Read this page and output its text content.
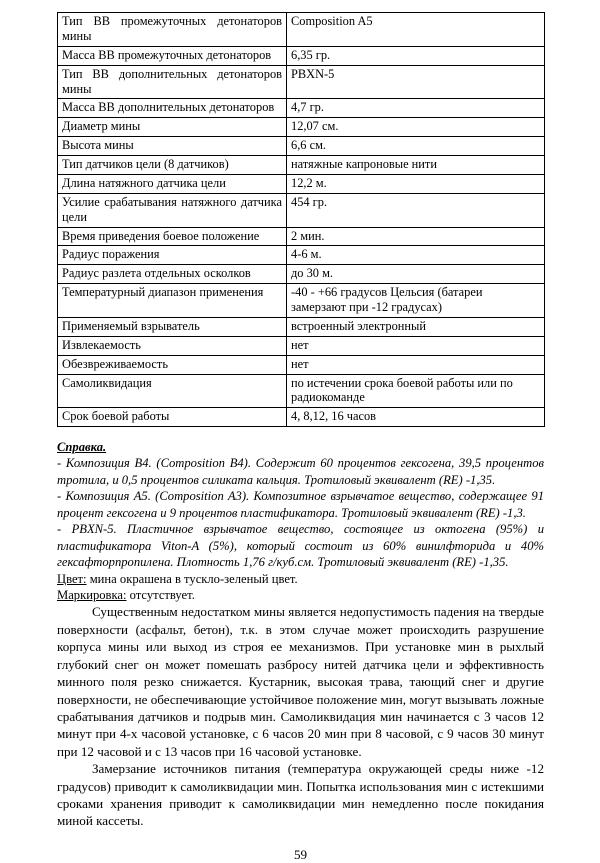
Тип ВВ промежуточных детонаторов мины	Composition A5
Масса ВВ промежуточных детонаторов	6,35 гр.
Тип ВВ дополнительных детонаторов мины	PBXN-5
Масса ВВ дополнительных детонаторов	4,7 гр.
Диаметр мины	12,07 см.
Высота мины	6,6 см.
Тип датчиков цели (8 датчиков)	натяжные капроновые нити
Длина натяжного датчика цели	12,2 м.
Усилие срабатывания натяжного датчика цели	454 гр.
Время приведения боевое положение	2 мин.
Радиус поражения	4-6 м.
Радиус разлета отдельных осколков	до 30 м.
Температурный диапазон применения	-40 - +66 градусов Цельсия (батареи замерзают при -12 градусах)
Применяемый взрыватель	встроенный электронный
Извлекаемость	нет
Обезвреживаемость	нет
Самоликвидация	по истечении срока боевой работы или по радиокоманде
Срок боевой работы	4, 8,12, 16 часов
Справка.

- Композиция В4. (Composition B4). Содержит 60 процентов гексогена, 39,5 процентов тротила, и 0,5 процентов силиката кальция. Тротиловый эквивалент (RE) -1,35.

- Композиция А5. (Composition A3). Композитное взрывчатое вещество, содержащее 91 процент гексогена и 9 процентов пластификатора. Тротиловый эквивалент (RE) -1,3.

- PBXN-5. Пластичное взрывчатое вещество, состоящее из октогена (95%) и пластификатора Viton-A (5%), который состоит из 60% винилфторида и 40% гексафторпропилена. Плотность 1,76 г/куб.см. Тротиловый эквивалент (RE) -1,35.

Цвет: мина окрашена в тускло-зеленый цвет.

Маркировка: отсутствует.

Существенным недостатком мины является недопустимость падения на твердые поверхности (асфальт, бетон), т.к. в этом случае может происходить разрушение корпуса мины или выход из строя ее механизмов. При установке мин в рыхлый глубокий снег он может помешать разбросу нитей датчика цели и эффективность минного поля резко снижается. Кустарник, высокая трава, тающий снег и другие поверхности, не обеспечивающие устойчивое положение мин, могут вызывать ложные срабатывания датчиков и подрыв мин. Самоликвидация мин начинается с 3 часов 12 минут при 4-х часовой установке, с 6 часов 20 мин при 8 часовой, с 9 часов 30 минут при 12 часовой и с 13 часов при 16 часовой установке.

Замерзание источников питания (температура окружающей среды ниже -12 градусов) приводит к самоликвидации мин. Попытка использования мин с истекшими сроками хранения приводит к самоликвидации мин немедленно после покидания миной кассеты.

59
